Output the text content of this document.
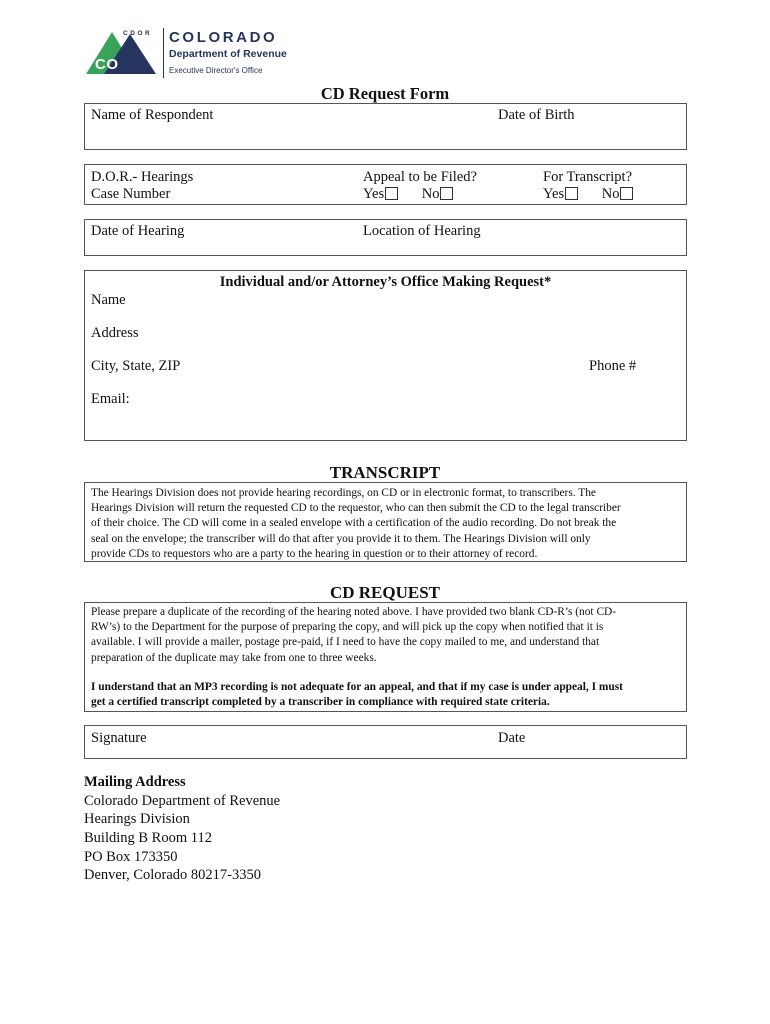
CO
CDOR COLORADO
Department of Revenue
Executive Director's Office
CD Request Form
Name of Respondent	Date of Birth
D.O.R.- Hearings
Case Number
Appeal to be Filed?
Yes	No
For Transcript?
Yes	No
Date of Hearing	Location of Hearing
Individual and/or Attorney’s Office Making Request*
Name
Address
City, State, ZIP	Phone #
Email:
TRANSCRIPT
The Hearings Division does not provide hearing recordings, on CD or in electronic format, to transcribers. The
Hearings Division will return the requested CD to the requestor, who can then submit the CD to the legal transcriber
of their choice. The CD will come in a sealed envelope with a certification of the audio recording. Do not break the
seal on the envelope; the transcriber will do that after you provide it to them. The Hearings Division will only
provide CDs to requestors who are a party to the hearing in question or to their attorney of record.
CD REQUEST
Please prepare a duplicate of the recording of the hearing noted above. I have provided two blank CD-R’s (not CD-
RW’s) to the Department for the purpose of preparing the copy, and will pick up the copy when notified that it is
available. I will provide a mailer, postage pre-paid, if I need to have the copy mailed to me, and understand that
preparation of the duplicate may take from one to three weeks.
I understand that an MP3 recording is not adequate for an appeal, and that if my case is under appeal, I must
get a certified transcript completed by a transcriber in compliance with required state criteria.
Signature	Date
Mailing Address
Colorado Department of Revenue
Hearings Division
Building B Room 112
PO Box 173350
Denver, Colorado 80217-3350
